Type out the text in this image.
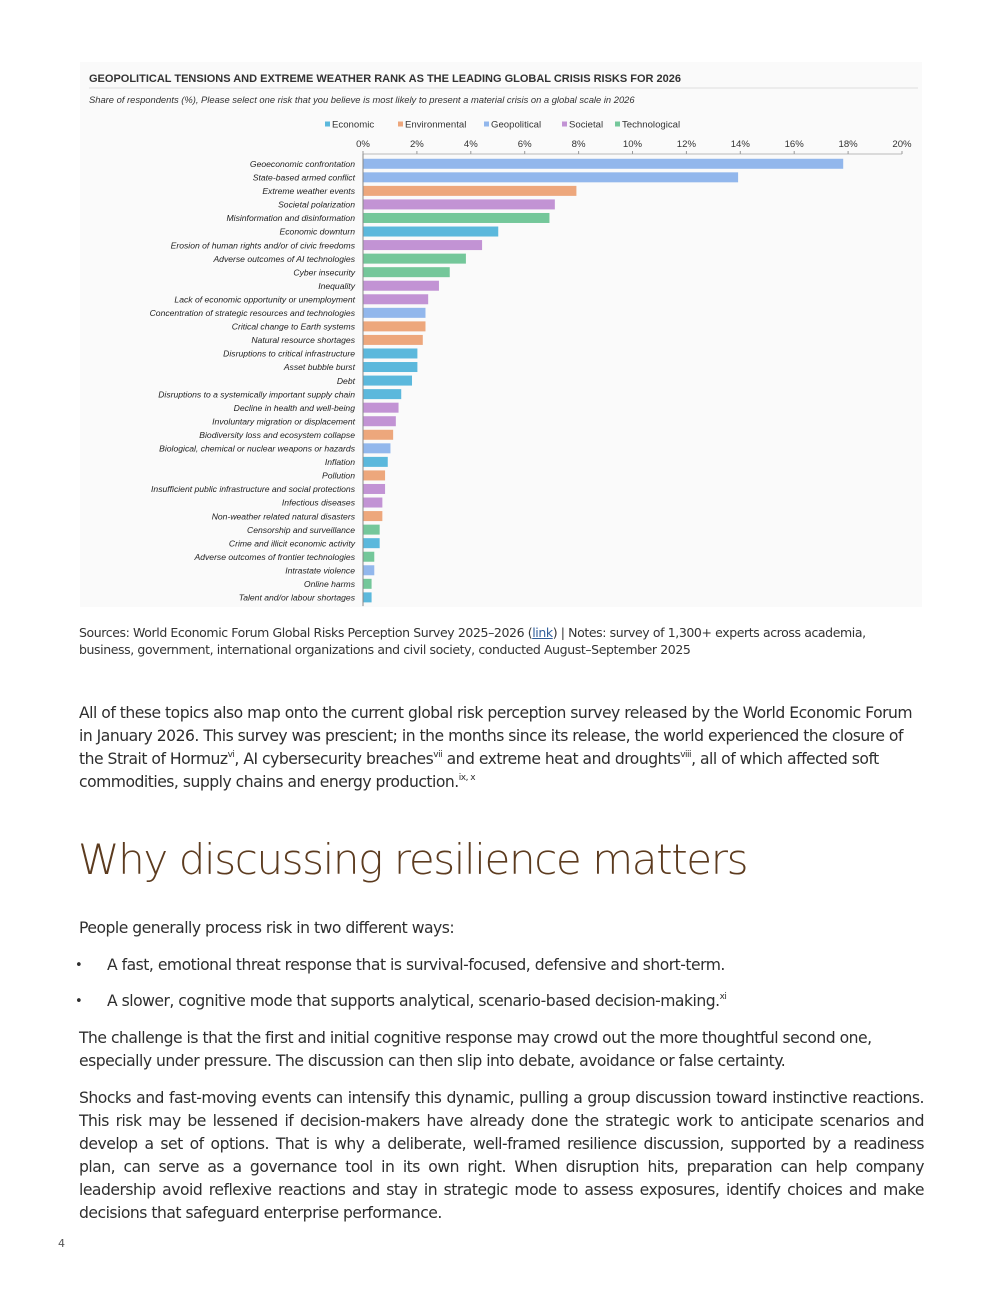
GEOPOLITICAL TENSIONS AND EXTREME WEATHER RANK AS THE LEADING GLOBAL CRISIS RISKS FOR 2026
Share of respondents (%), Please select one risk that you believe is most likely to present a material crisis on a global scale in 2026
Economic	Environmental	Geopolitical	Societal Technological
0%	2%	4%	6%	8%	10%	12%	14%	16%	18%	20%
Geoeconomic confrontation
State-based armed conflict
Extreme weather events
Societal polarization
Misinformation and disinformation
Economic downturn
Erosion of human rights and/or of civic freedoms
Adverse outcomes of AI technologies
Cyber insecurity
Inequality
Lack of economic opportunity or unemployment
Concentration of strategic resources and technologies
Critical change to Earth systems
Natural resource shortages
Disruptions to critical infrastructure
Asset bubble burst
Debt
Disruptions to a systemically important supply chain
Decline in health and well-being
Involuntary migration or displacement
Biodiversity loss and ecosystem collapse
Biological, chemical or nuclear weapons or hazards
Inflation
Pollution
Insufficient public infrastructure and social protections
Infectious diseases
Non-weather related natural disasters
Censorship and surveillance
Crime and illicit economic activity
Adverse outcomes of frontier technologies
Intrastate violence
Online harms
Talent and/or labour shortages
Sources: World Economic Forum Global Risks Perception Survey 2025–2026 (link) | Notes: survey of 1,300+ experts across academia, business, government, international organizations and civil society, conducted August–September 2025
All of these topics also map onto the current global risk perception survey released by the World Economic Forum in January 2026. This survey was prescient; in the months since its release, the world experienced the closure of the Strait of Hormuz$^{vi}$, AI cybersecurity breaches$^{vii}$ and extreme heat and droughts$^{viii}$, all of which affected soft commodities, supply chains and energy production.$^{ix, x}$
Why discussing resilience matters
People generally process risk in two different ways:
• A fast, emotional threat response that is survival-focused, defensive and short-term.
• A slower, cognitive mode that supports analytical, scenario-based decision-making.$^{xi}$
The challenge is that the first and initial cognitive response may crowd out the more thoughtful second one, especially under pressure. The discussion can then slip into debate, avoidance or false certainty.
Shocks and fast-moving events can intensify this dynamic, pulling a group discussion toward instinctive reactions. This risk may be lessened if decision-makers have already done the strategic work to anticipate scenarios and develop a set of options. That is why a deliberate, well-framed resilience discussion, supported by a readiness plan, can serve as a governance tool in its own right. When disruption hits, preparation can help company leadership avoid reflexive reactions and stay in strategic mode to assess exposures, identify choices and make decisions that safeguard enterprise performance.
4
